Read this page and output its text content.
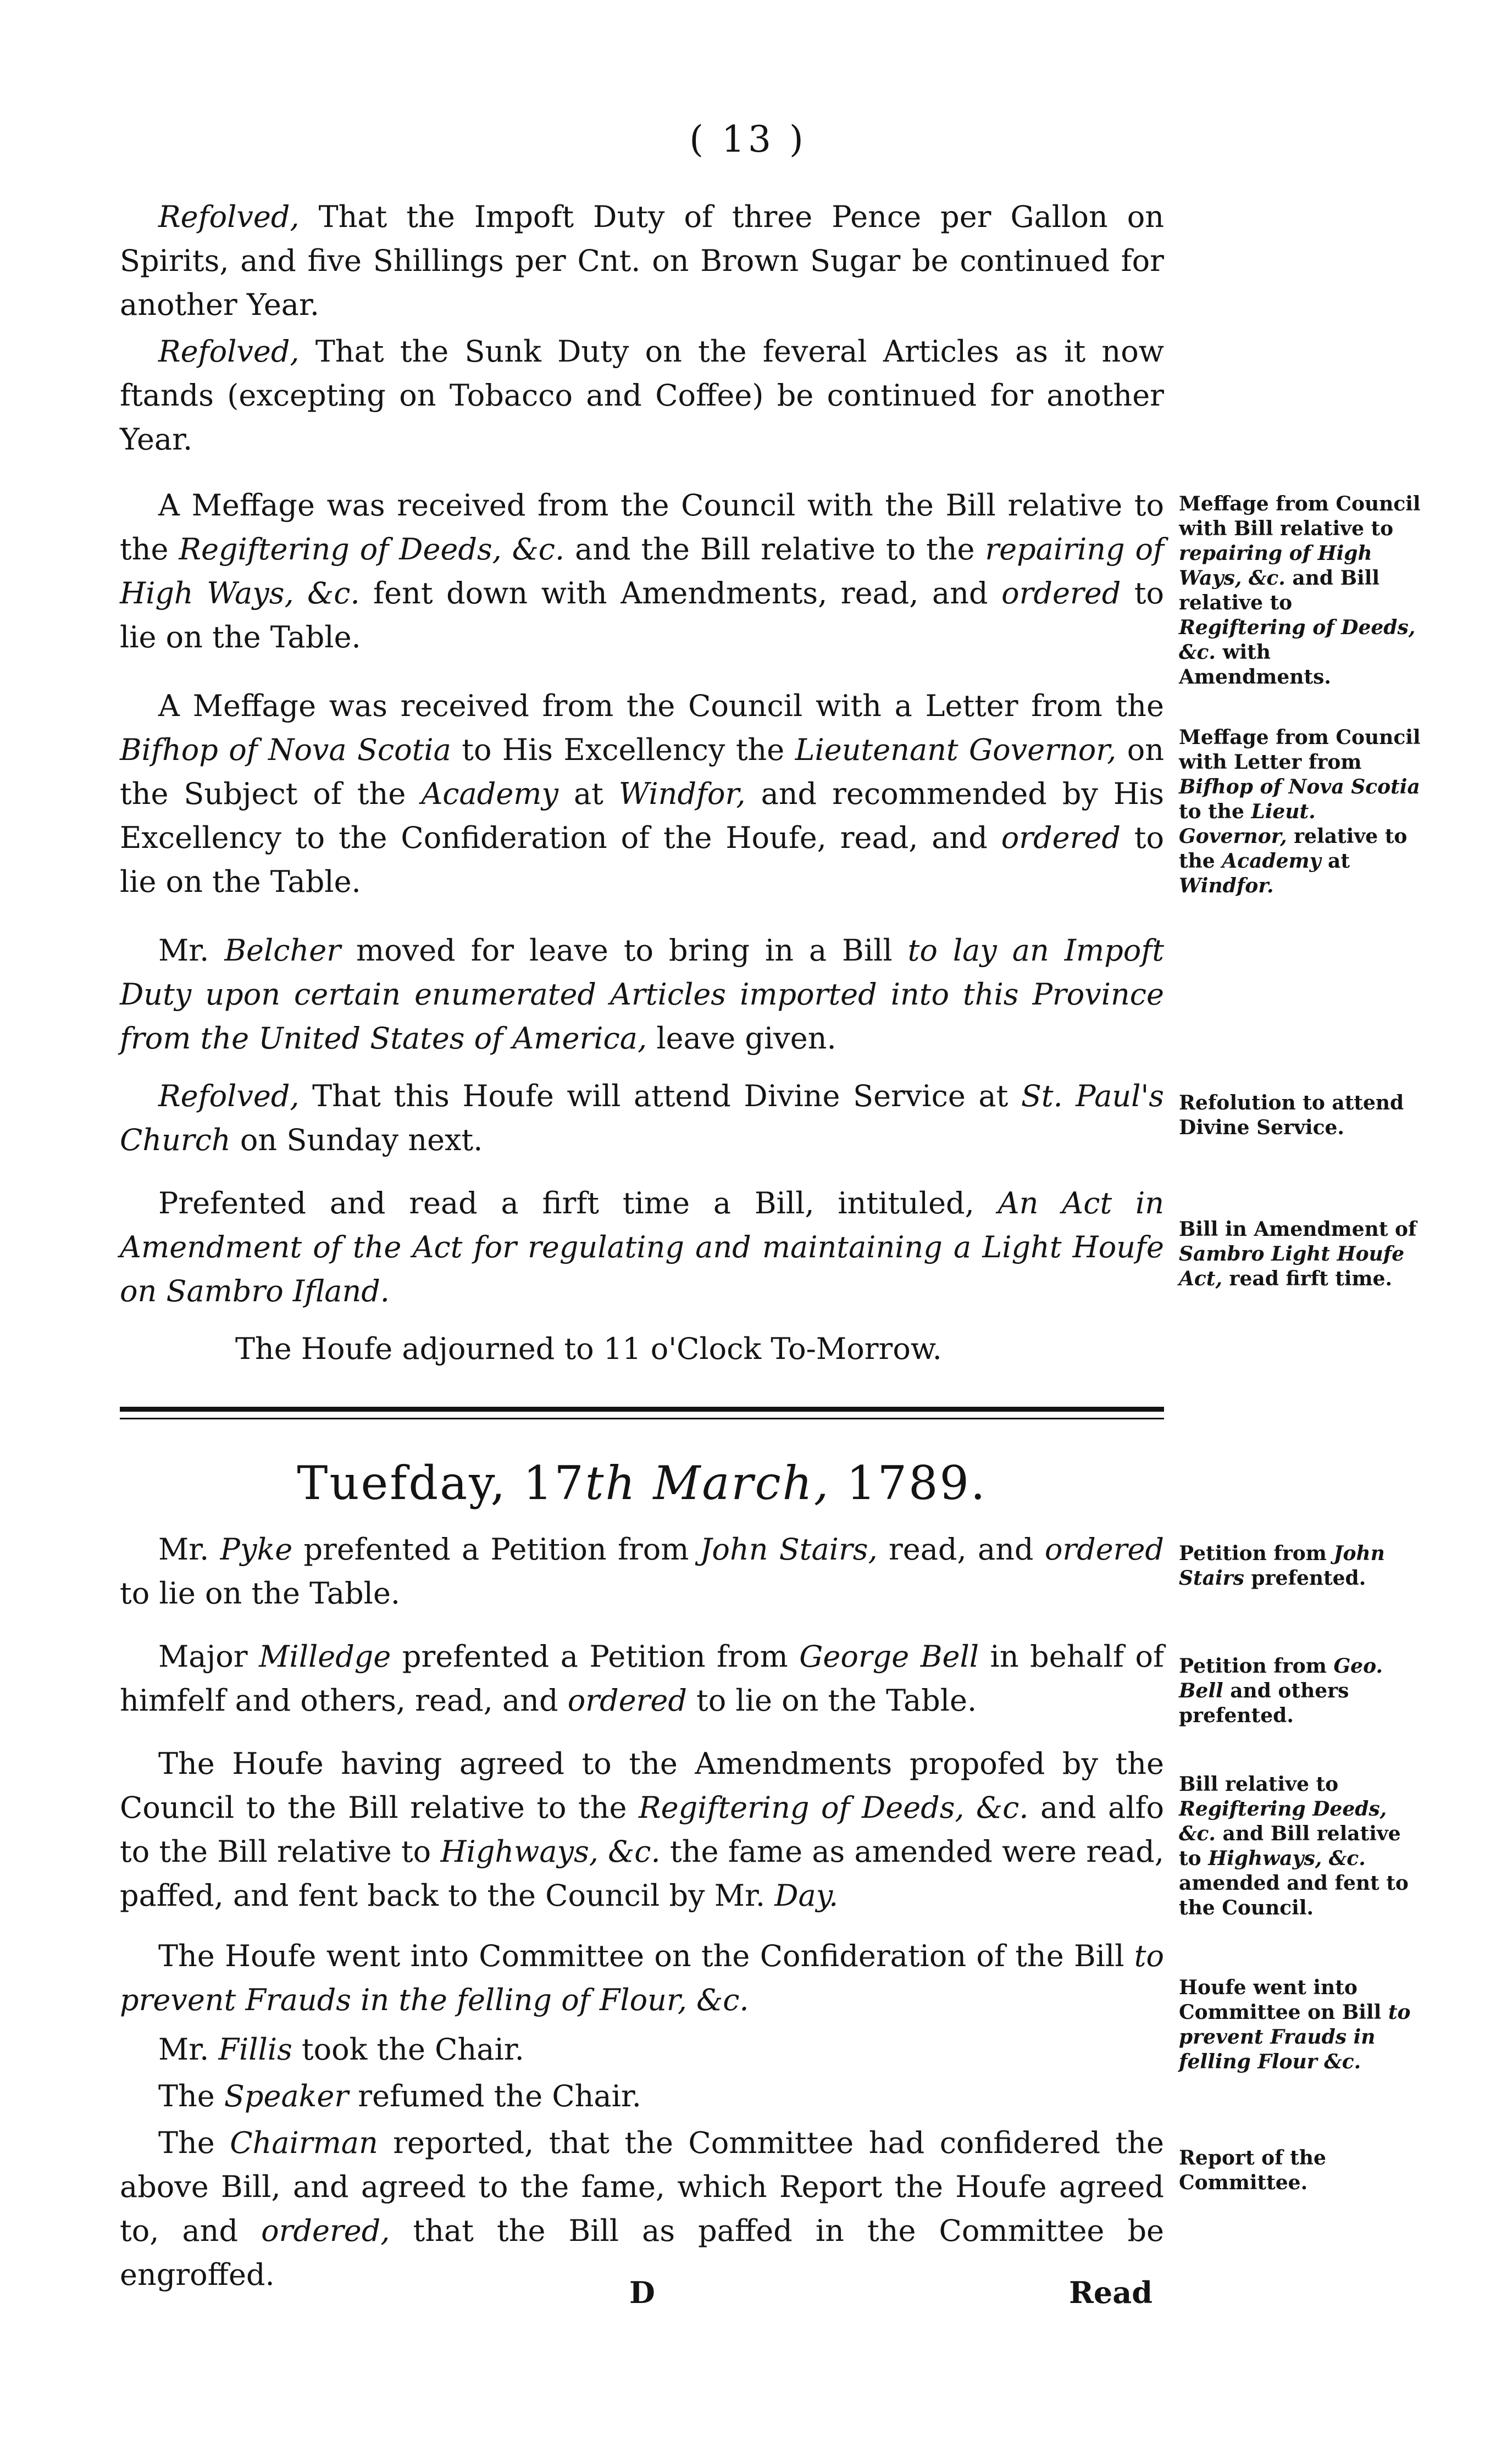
( 13 )
Refolved, That the Impoft Duty of three Pence per Gallon on Spirits, and five Shillings per Cnt. on Brown Sugar be continued for another Year.
Refolved, That the Sunk Duty on the feveral Articles as it now ftands (excepting on Tobacco and Coffee) be continued for another Year.
A Meffage was received from the Council with the Bill relative to the Regiftering of Deeds, &c. and the Bill relative to the repairing of High Ways, &c. fent down with Amendments, read, and ordered to lie on the Table.
A Meffage was received from the Council with a Letter from the Bifhop of Nova Scotia to His Excellency the Lieutenant Governor, on the Subject of the Academy at Windfor, and recommended by His Excellency to the Confideration of the Houfe, read, and ordered to lie on the Table.
Mr. Belcher moved for leave to bring in a Bill to lay an Impoft Duty upon certain enumerated Articles imported into this Province from the United States of America, leave given.
Refolved, That this Houfe will attend Divine Service at St. Paul's Church on Sunday next.
Prefented and read a firft time a Bill, intituled, An Act in Amendment of the Act for regulating and maintaining a Light Houfe on Sambro Ifland.
The Houfe adjourned to 11 o'Clock To-Morrow.
Tuefday, 17th March, 1789.
Mr. Pyke prefented a Petition from John Stairs, read, and ordered to lie on the Table.
Major Milledge prefented a Petition from George Bell in behalf of himfelf and others, read, and ordered to lie on the Table.
The Houfe having agreed to the Amendments propofed by the Council to the Bill relative to the Regiftering of Deeds, &c. and alfo to the Bill relative to Highways, &c. the fame as amended were read, paffed, and fent back to the Council by Mr. Day.
The Houfe went into Committee on the Confideration of the Bill to prevent Frauds in the felling of Flour, &c.
Mr. Fillis took the Chair.
The Speaker refumed the Chair.
The Chairman reported, that the Committee had confidered the above Bill, and agreed to the fame, which Report the Houfe agreed to, and ordered, that the Bill as paffed in the Committee be engroffed.
Meffage from Council with Bill relative to repairing of High Ways, &c. and Bill relative to Regiftering of Deeds, &c. with Amendments.
Meffage from Council with Letter from Bifhop of Nova Scotia to the Lieut. Governor, relative to the Academy at Windfor.
Refolution to attend Divine Service.
Bill in Amendment of Sambro Light Houfe Act, read firft time.
Petition from John Stairs prefented.
Petition from Geo. Bell and others prefented.
Bill relative to Regiftering Deeds, &c. and Bill relative to Highways, &c. amended and fent to the Council.
Houfe went into Committee on Bill to prevent Frauds in felling Flour &c.
Report of the Committee.
D	Read
